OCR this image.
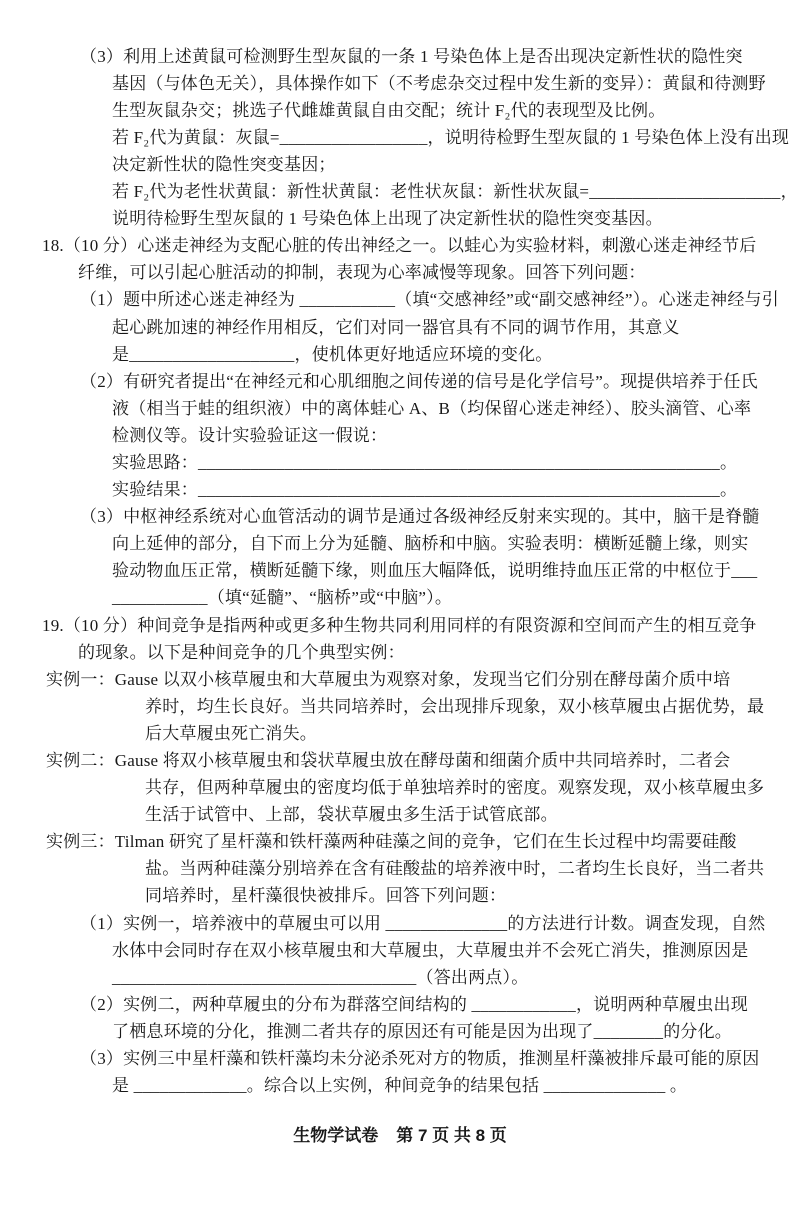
生物学试卷 第 7 页 共 8 页
（3）利用上述黄鼠可检测野生型灰鼠的一条 1 号染色体上是否出现决定新性状的隐性突
基因（与体色无关），具体操作如下（不考虑杂交过程中发生新的变异）：黄鼠和待测野
生型灰鼠杂交；挑选子代雌雄黄鼠自由交配；统计 F₂代的表现型及比例。
若 F₂代为黄鼠：灰鼠=_________________，说明待检野生型灰鼠的 1 号染色体上没有出现
决定新性状的隐性突变基因；
若 F₂代为老性状黄鼠：新性状黄鼠：老性状灰鼠：新性状灰鼠=______________________，
说明待检野生型灰鼠的 1 号染色体上出现了决定新性状的隐性突变基因。
18.（10 分）心迷走神经为支配心脏的传出神经之一。以蛙心为实验材料，刺激心迷走神经节后
纤维，可以引起心脏活动的抑制，表现为心率减慢等现象。回答下列问题：
（1）题中所述心迷走神经为 ___________（填“交感神经”或“副交感神经”）。心迷走神经与引
起心跳加速的神经作用相反，它们对同一器官具有不同的调节作用，其意义
是___________________，使机体更好地适应环境的变化。
（2）有研究者提出“在神经元和心肌细胞之间传递的信号是化学信号”。现提供培养于任氏
液（相当于蛙的组织液）中的离体蛙心 A、B（均保留心迷走神经）、胶头滴管、心率
检测仪等。设计实验验证这一假说：
实验思路：____________________________________________________________。
实验结果：____________________________________________________________。
（3）中枢神经系统对心血管活动的调节是通过各级神经反射来实现的。其中，脑干是脊髓
向上延伸的部分，自下而上分为延髓、脑桥和中脑。实验表明：横断延髓上缘，则实
验动物血压正常，横断延髓下缘，则血压大幅降低，说明维持血压正常的中枢位于___
___________（填“延髓”、“脑桥”或“中脑”）。
19.（10 分）种间竞争是指两种或更多种生物共同利用同样的有限资源和空间而产生的相互竞争
的现象。以下是种间竞争的几个典型实例：
实例一：Gause 以双小核草履虫和大草履虫为观察对象，发现当它们分别在酵母菌介质中培
养时，均生长良好。当共同培养时，会出现排斥现象，双小核草履虫占据优势，最
后大草履虫死亡消失。
实例二：Gause 将双小核草履虫和袋状草履虫放在酵母菌和细菌介质中共同培养时，二者会
共存，但两种草履虫的密度均低于单独培养时的密度。观察发现，双小核草履虫多
生活于试管中、上部，袋状草履虫多生活于试管底部。
实例三：Tilman 研究了星杆藻和铁杆藻两种硅藻之间的竞争，它们在生长过程中均需要硅酸
盐。当两种硅藻分别培养在含有硅酸盐的培养液中时，二者均生长良好，当二者共
同培养时，星杆藻很快被排斥。回答下列问题：
（1）实例一，培养液中的草履虫可以用 ______________的方法进行计数。调查发现，自然
水体中会同时存在双小核草履虫和大草履虫，大草履虫并不会死亡消失，推测原因是
___________________________________（答出两点）。
（2）实例二，两种草履虫的分布为群落空间结构的 ____________，说明两种草履虫出现
了栖息环境的分化，推测二者共存的原因还有可能是因为出现了________的分化。
（3）实例三中星杆藻和铁杆藻均未分泌杀死对方的物质，推测星杆藻被排斥最可能的原因
是 _____________。综合以上实例，种间竞争的结果包括 ______________ 。
